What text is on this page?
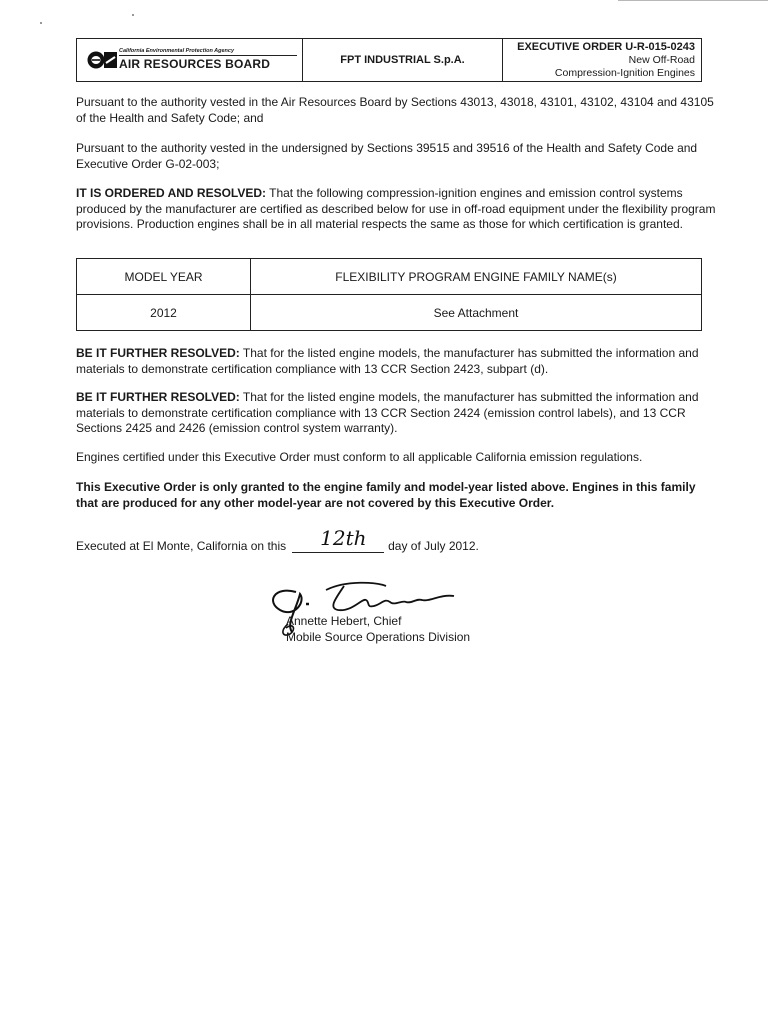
California Environmental Protection Agency
AIR RESOURCES BOARD	FPT INDUSTRIAL S.p.A.
EXECUTIVE ORDER U-R-015-0243
New Off-Road
Compression-Ignition Engines

Pursuant to the authority vested in the Air Resources Board by Sections 43013, 43018, 43101, 43102, 43104 and 43105 of the Health and Safety Code; and

Pursuant to the authority vested in the undersigned by Sections 39515 and 39516 of the Health and Safety Code and Executive Order G-02-003;

IT IS ORDERED AND RESOLVED: That the following compression-ignition engines and emission control systems produced by the manufacturer are certified as described below for use in off-road equipment under the flexibility program provisions. Production engines shall be in all material respects the same as those for which certification is granted.

MODEL YEAR	FLEXIBILITY PROGRAM ENGINE FAMILY NAME(s)
2012	See Attachment

BE IT FURTHER RESOLVED: That for the listed engine models, the manufacturer has submitted the information and materials to demonstrate certification compliance with 13 CCR Section 2423, subpart (d).

BE IT FURTHER RESOLVED: That for the listed engine models, the manufacturer has submitted the information and materials to demonstrate certification compliance with 13 CCR Section 2424 (emission control labels), and 13 CCR Sections 2425 and 2426 (emission control system warranty).

Engines certified under this Executive Order must conform to all applicable California emission regulations.

This Executive Order is only granted to the engine family and model-year listed above. Engines in this family that are produced for any other model-year are not covered by this Executive Order.

Executed at El Monte, California on this 12th day of July 2012.
Annette Hebert, Chief
Mobile Source Operations Division
